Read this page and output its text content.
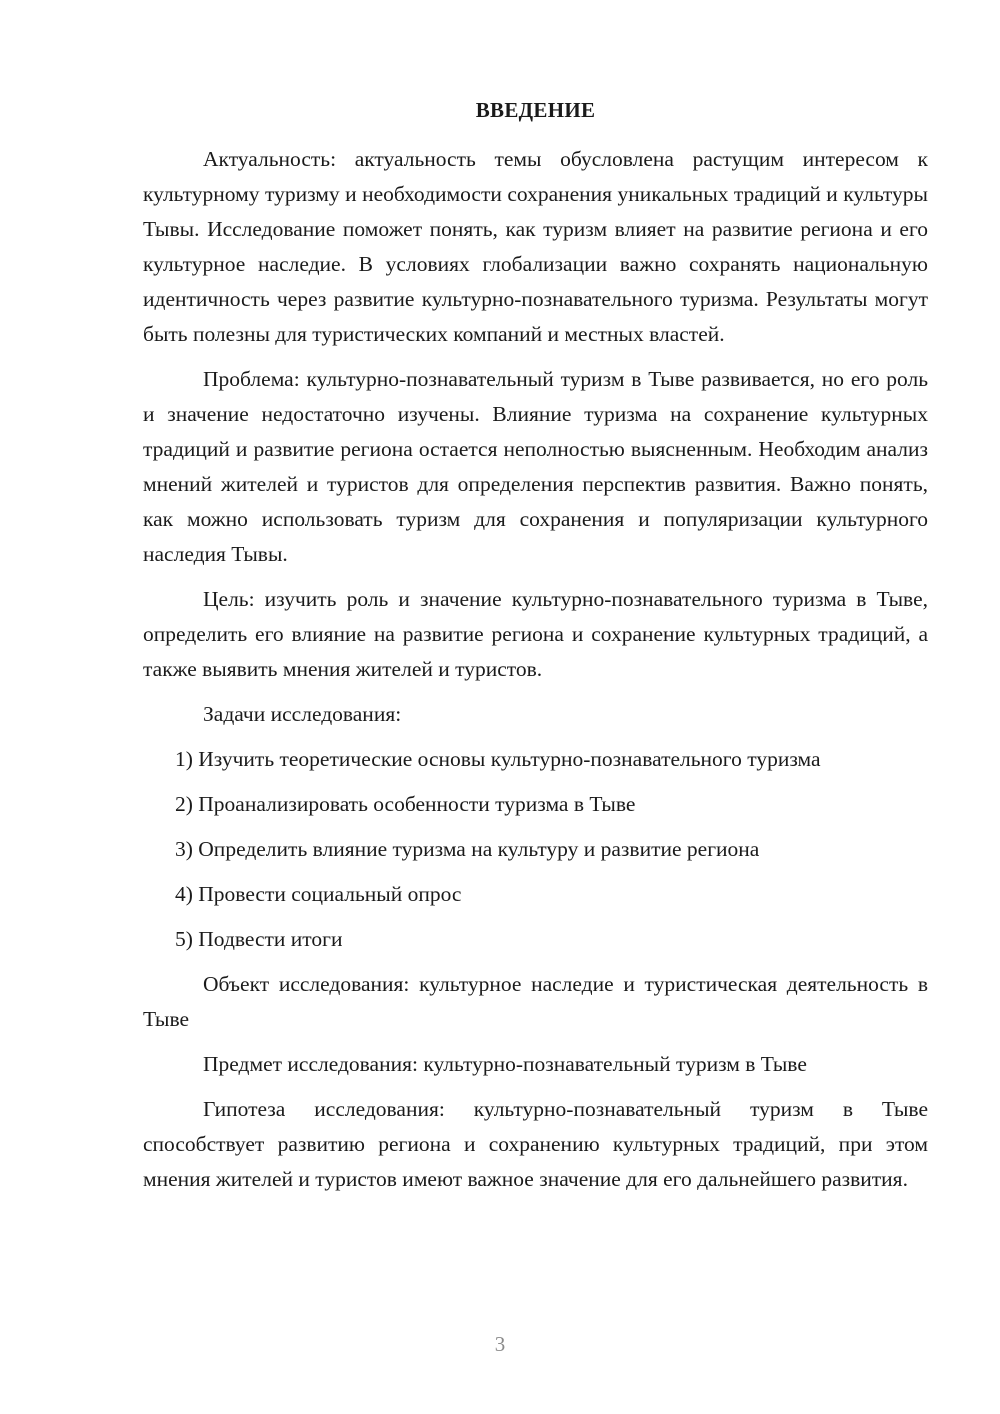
ВВЕДЕНИЕ

Актуальность: актуальность темы обусловлена растущим интересом к культурному туризму и необходимости сохранения уникальных традиций и культуры Тывы. Исследование поможет понять, как туризм влияет на развитие региона и его культурное наследие. В условиях глобализации важно сохранять национальную идентичность через развитие культурно-познавательного туризма. Результаты могут быть полезны для туристических компаний и местных властей.

Проблема: культурно-познавательный туризм в Тыве развивается, но его роль и значение недостаточно изучены. Влияние туризма на сохранение культурных традиций и развитие региона остается неполностью выясненным. Необходим анализ мнений жителей и туристов для определения перспектив развития. Важно понять, как можно использовать туризм для сохранения и популяризации культурного наследия Тывы.

Цель: изучить роль и значение культурно-познавательного туризма в Тыве, определить его влияние на развитие региона и сохранение культурных традиций, а также выявить мнения жителей и туристов.

Задачи исследования:
1) Изучить теоретические основы культурно-познавательного туризма
2) Проанализировать особенности туризма в Тыве
3) Определить влияние туризма на культуру и развитие региона
4) Провести социальный опрос
5) Подвести итоги

Объект исследования: культурное наследие и туристическая деятельность в Тыве

Предмет исследования: культурно-познавательный туризм в Тыве

Гипотеза исследования: культурно-познавательный туризм в Тыве способствует развитию региона и сохранению культурных традиций, при этом мнения жителей и туристов имеют важное значение для его дальнейшего развития.

3
